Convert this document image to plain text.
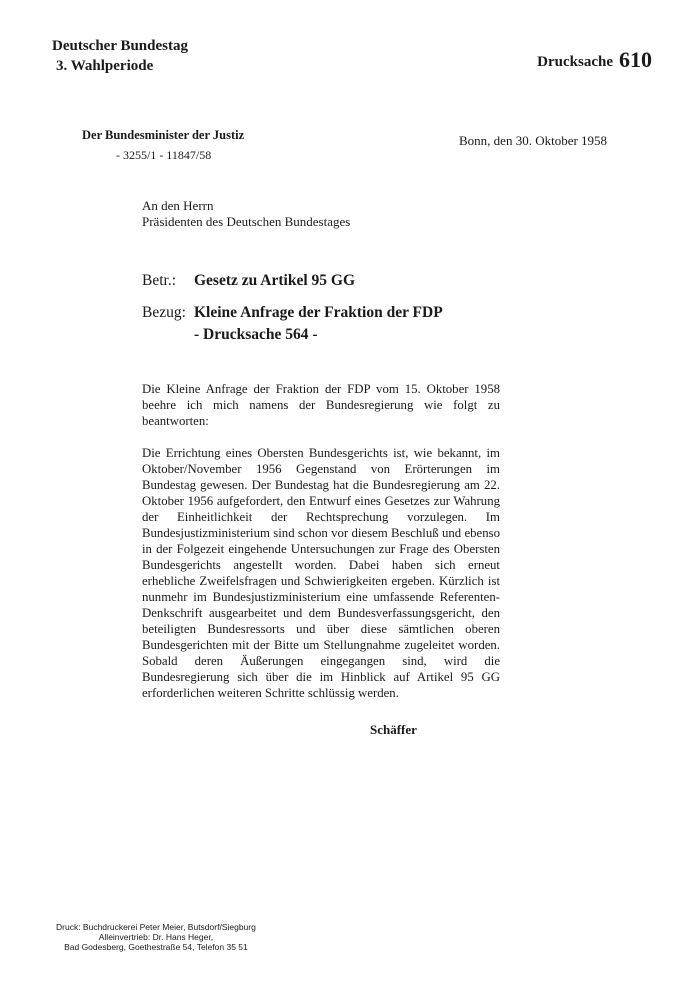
Deutscher Bundestag
3. Wahlperiode	Drucksache 610
Der Bundesminister der Justiz
- 3255/1 - 11847/58
Bonn, den 30. Oktober 1958
An den Herrn
Präsidenten des Deutschen Bundestages
Betr.:	Gesetz zu Artikel 95 GG
Bezug: Kleine Anfrage der Fraktion der FDP
- Drucksache 564 -

Die Kleine Anfrage der Fraktion der FDP vom 15. Oktober 1958 beehre ich mich namens der Bundesregierung wie folgt zu beantworten:

Die Errichtung eines Obersten Bundesgerichts ist, wie bekannt, im Oktober/November 1956 Gegenstand von Erörterungen im Bundestag gewesen. Der Bundestag hat die Bundesregierung am 22. Oktober 1956 aufgefordert, den Entwurf eines Gesetzes zur Wahrung der Einheitlichkeit der Rechtsprechung vorzulegen. Im Bundesjustizministerium sind schon vor diesem Beschluß und ebenso in der Folgezeit eingehende Untersuchungen zur Frage des Obersten Bundesgerichts angestellt worden. Dabei haben sich erneut erhebliche Zweifelsfragen und Schwierigkeiten ergeben. Kürzlich ist nunmehr im Bundesjustizministerium eine umfassende Referenten-Denkschrift ausgearbeitet und dem Bundesverfassungsgericht, den beteiligten Bundesressorts und über diese sämtlichen oberen Bundesgerichten mit der Bitte um Stellungnahme zugeleitet worden. Sobald deren Äußerungen eingegangen sind, wird die Bundesregierung sich über die im Hinblick auf Artikel 95 GG erforderlichen weiteren Schritte schlüssig werden.

Schäffer
Druck: Buchdruckerei Peter Meier, Butsdorf/Siegburg
Alleinvertrieb: Dr. Hans Heger,
Bad Godesberg, Goethestraße 54, Telefon 35 51
